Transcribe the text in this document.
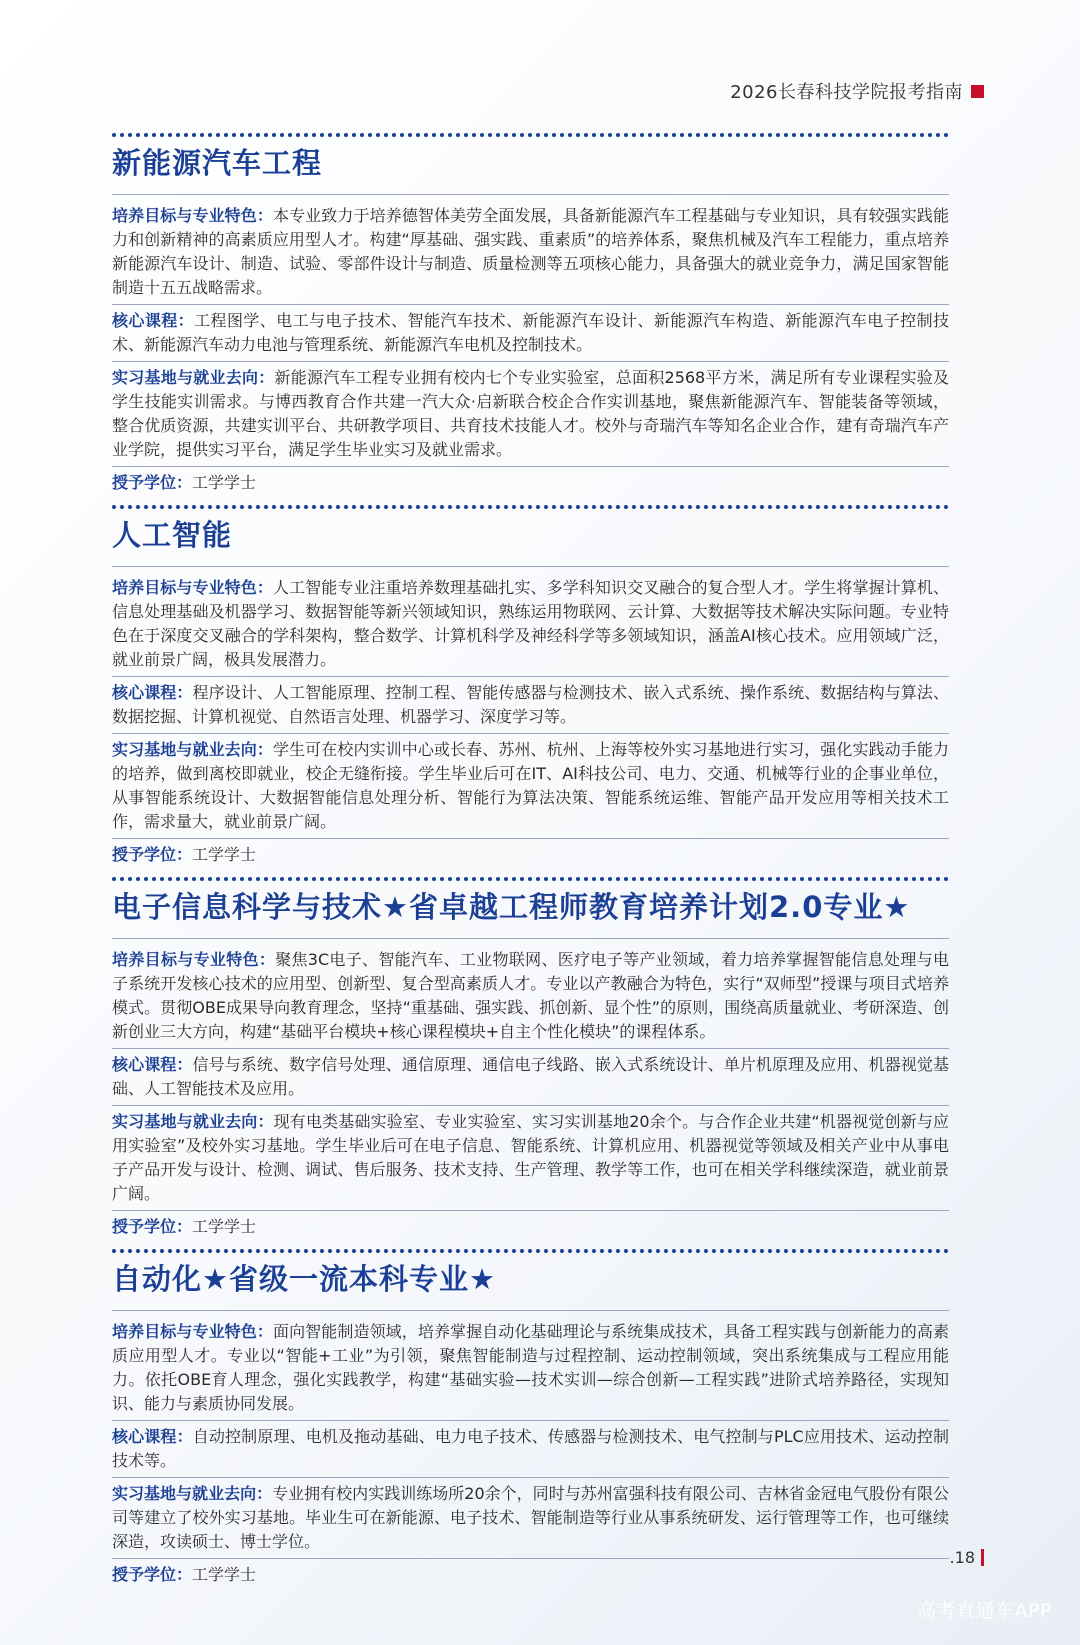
2026长春科技学院报考指南
新能源汽车工程
培养目标与专业特色：本专业致力于培养德智体美劳全面发展，具备新能源汽车工程基础与专业知识，具有较强实践能力和创新精神的高素质应用型人才。构建“厚基础、强实践、重素质”的培养体系，聚焦机械及汽车工程能力，重点培养新能源汽车设计、制造、试验、零部件设计与制造、质量检测等五项核心能力，具备强大的就业竞争力，满足国家智能制造十五五战略需求。
核心课程：工程图学、电工与电子技术、智能汽车技术、新能源汽车设计、新能源汽车构造、新能源汽车电子控制技术、新能源汽车动力电池与管理系统、新能源汽车电机及控制技术。
实习基地与就业去向：新能源汽车工程专业拥有校内七个专业实验室，总面积2568平方米，满足所有专业课程实验及学生技能实训需求。与博西教育合作共建一汽大众·启新联合校企合作实训基地，聚焦新能源汽车、智能装备等领域，整合优质资源，共建实训平台、共研教学项目、共育技术技能人才。校外与奇瑞汽车等知名企业合作，建有奇瑞汽车产业学院，提供实习平台，满足学生毕业实习及就业需求。
授予学位：工学学士
人工智能
培养目标与专业特色：人工智能专业注重培养数理基础扎实、多学科知识交叉融合的复合型人才。学生将掌握计算机、信息处理基础及机器学习、数据智能等新兴领域知识，熟练运用物联网、云计算、大数据等技术解决实际问题。专业特色在于深度交叉融合的学科架构，整合数学、计算机科学及神经科学等多领域知识，涵盖AI核心技术。应用领域广泛，就业前景广阔，极具发展潜力。
核心课程：程序设计、人工智能原理、控制工程、智能传感器与检测技术、嵌入式系统、操作系统、数据结构与算法、数据挖掘、计算机视觉、自然语言处理、机器学习、深度学习等。
实习基地与就业去向：学生可在校内实训中心或长春、苏州、杭州、上海等校外实习基地进行实习，强化实践动手能力的培养，做到离校即就业，校企无缝衔接。学生毕业后可在IT、AI科技公司、电力、交通、机械等行业的企事业单位，从事智能系统设计、大数据智能信息处理分析、智能行为算法决策、智能系统运维、智能产品开发应用等相关技术工作，需求量大，就业前景广阔。
授予学位：工学学士
电子信息科学与技术★省卓越工程师教育培养计划2.0专业★
培养目标与专业特色：聚焦3C电子、智能汽车、工业物联网、医疗电子等产业领域，着力培养掌握智能信息处理与电子系统开发核心技术的应用型、创新型、复合型高素质人才。专业以产教融合为特色，实行“双师型”授课与项目式培养模式。贯彻OBE成果导向教育理念，坚持“重基础、强实践、抓创新、显个性”的原则，围绕高质量就业、考研深造、创新创业三大方向，构建“基础平台模块+核心课程模块+自主个性化模块”的课程体系。
核心课程：信号与系统、数字信号处理、通信原理、通信电子线路、嵌入式系统设计、单片机原理及应用、机器视觉基础、人工智能技术及应用。
实习基地与就业去向：现有电类基础实验室、专业实验室、实习实训基地20余个。与合作企业共建“机器视觉创新与应用实验室”及校外实习基地。学生毕业后可在电子信息、智能系统、计算机应用、机器视觉等领域及相关产业中从事电子产品开发与设计、检测、调试、售后服务、技术支持、生产管理、教学等工作，也可在相关学科继续深造，就业前景广阔。
授予学位：工学学士
自动化★省级一流本科专业★
培养目标与专业特色：面向智能制造领域，培养掌握自动化基础理论与系统集成技术，具备工程实践与创新能力的高素质应用型人才。专业以“智能+工业”为引领，聚焦智能制造与过程控制、运动控制领域，突出系统集成与工程应用能力。依托OBE育人理念，强化实践教学，构建“基础实验—技术实训—综合创新—工程实践”进阶式培养路径，实现知识、能力与素质协同发展。
核心课程：自动控制原理、电机及拖动基础、电力电子技术、传感器与检测技术、电气控制与PLC应用技术、运动控制技术等。
实习基地与就业去向：专业拥有校内实践训练场所20余个，同时与苏州富强科技有限公司、吉林省金冠电气股份有限公司等建立了校外实习基地。毕业生可在新能源、电子技术、智能制造等行业从事系统研发、运行管理等工作，也可继续深造，攻读硕士、博士学位。
授予学位：工学学士
.18
高考直通车APP
